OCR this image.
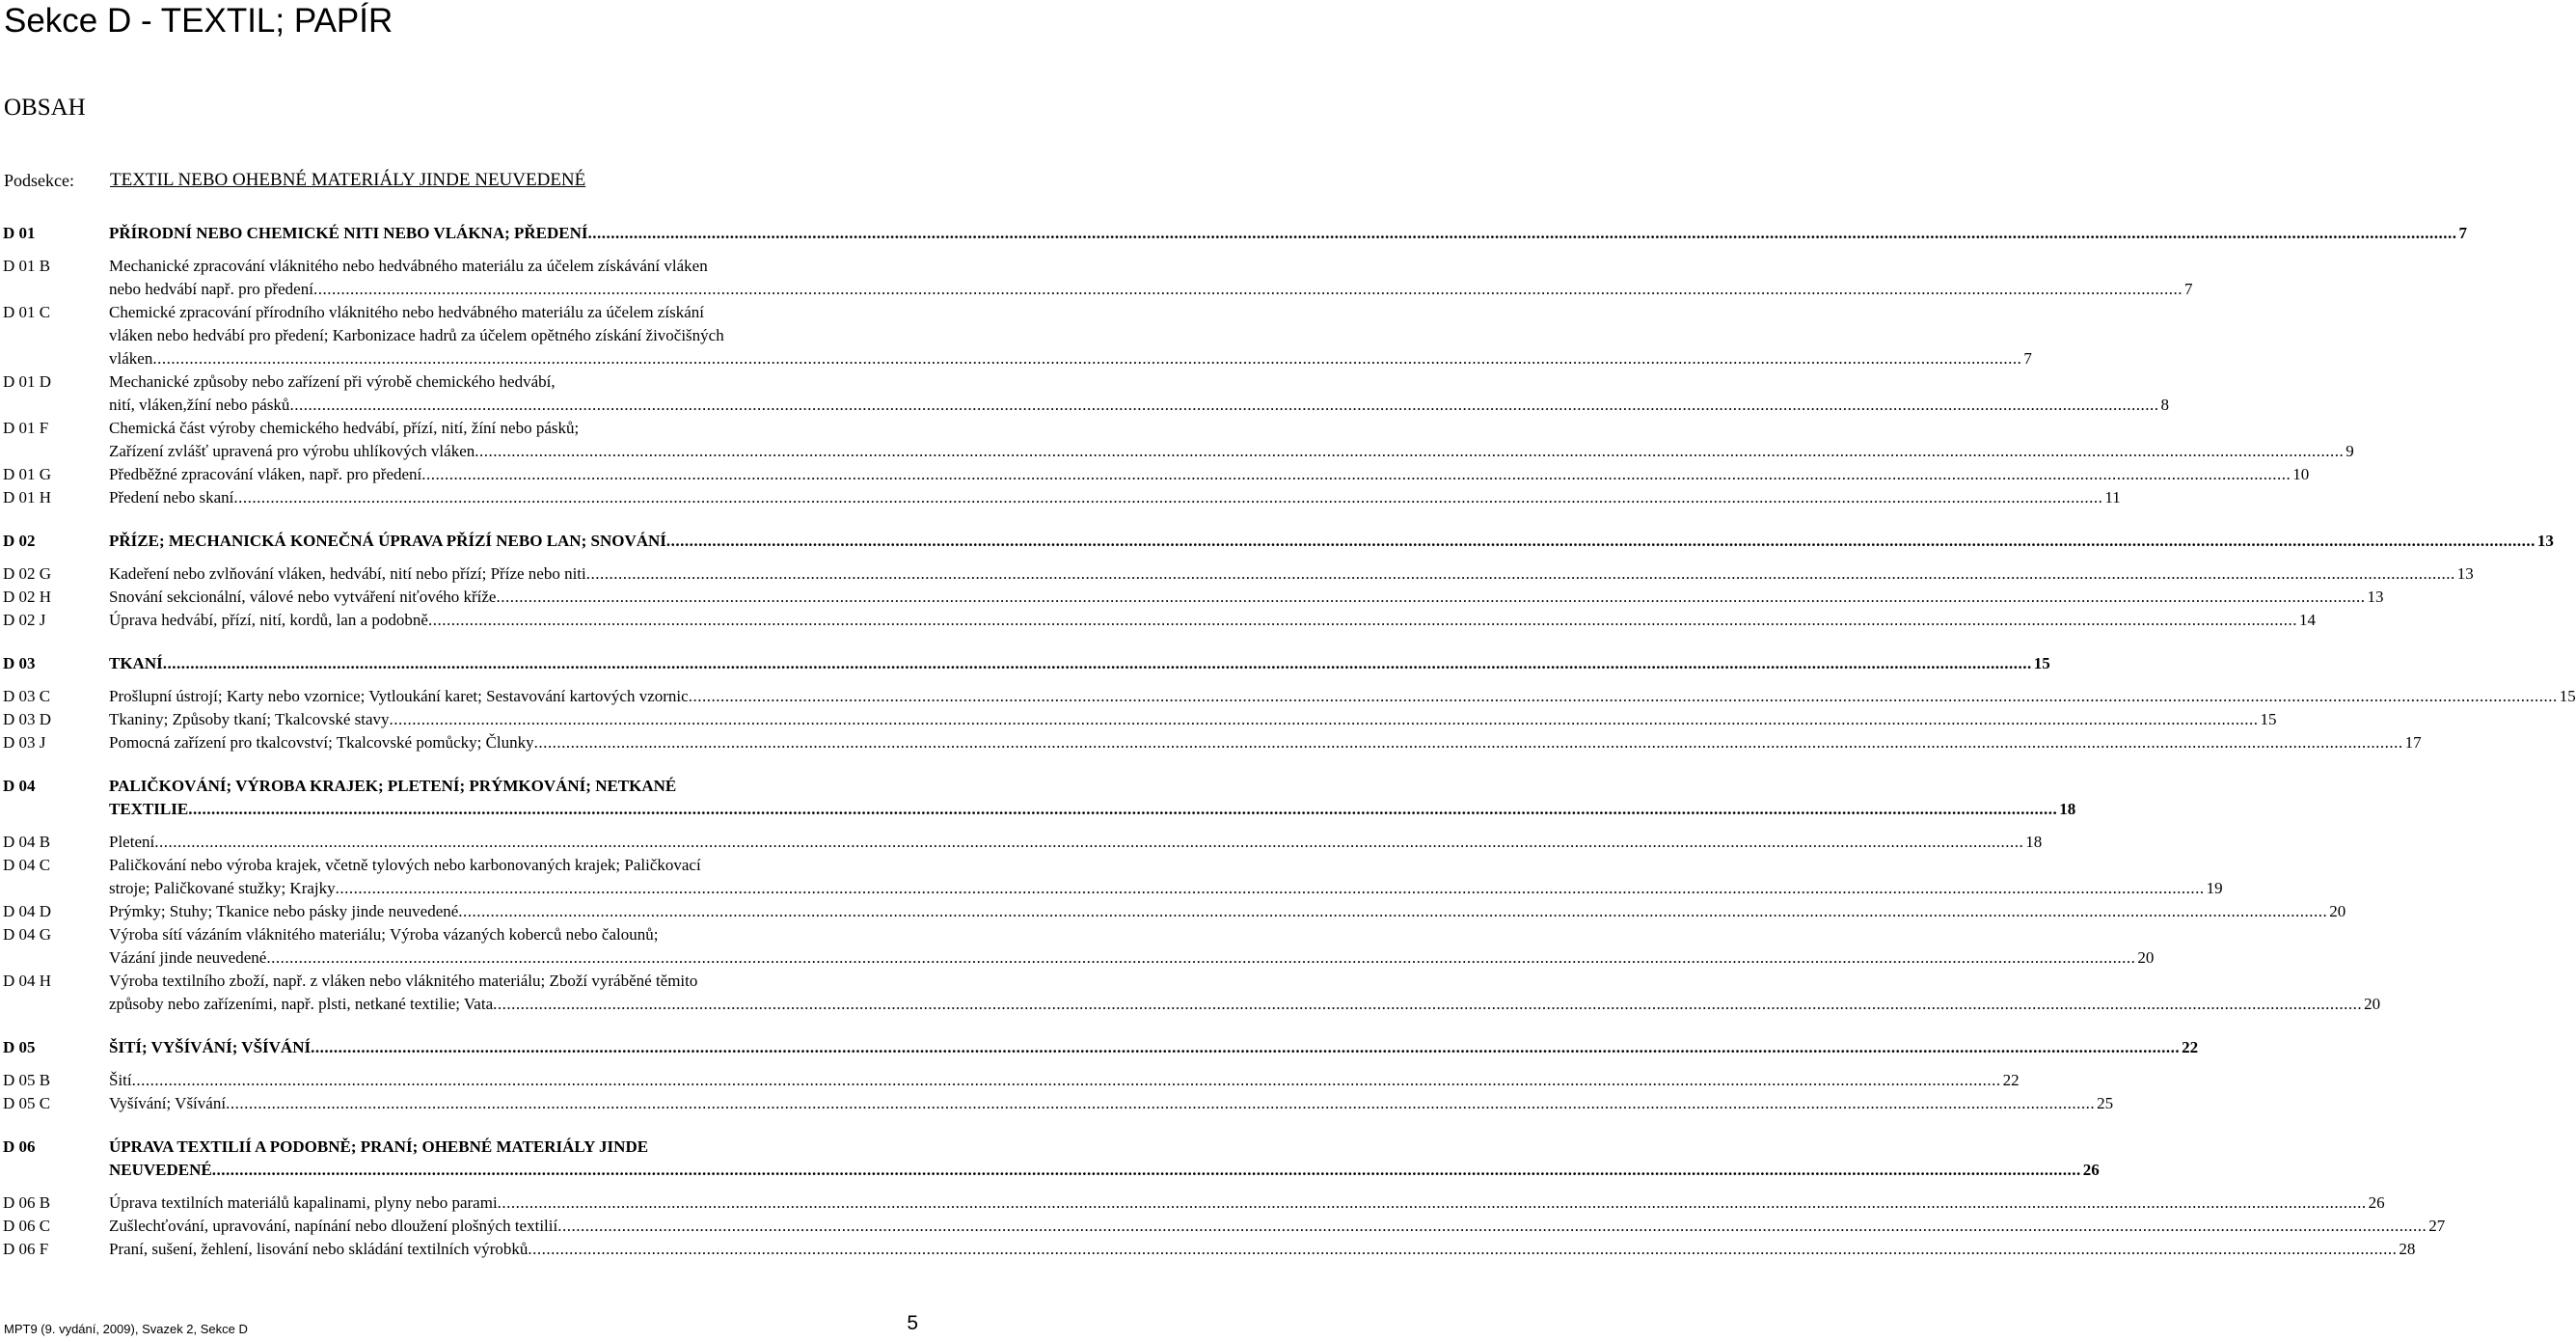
Sekce D - TEXTIL; PAPÍR
OBSAH
Podsekce: TEXTIL NEBO OHEBNÉ MATERIÁLY JINDE NEUVEDENÉ
D 01	PŘÍRODNÍ NEBO CHEMICKÉ NITI NEBO VLÁKNA; PŘEDENÍ .....	7
D 01 B	Mechanické zpracování vláknitého nebo hedvábného materiálu za účelem získávání vláken
nebo hedvábí např. pro předení .....	7
D 01 C	Chemické zpracování přírodního vláknitého nebo hedvábného materiálu za účelem získání
vláken nebo hedvábí pro předení; Karbonizace hadrů za účelem opětného získání živočišných
vláken .....	7
D 01 D	Mechanické způsoby nebo zařízení při výrobě chemického hedvábí,
nití, vláken,žíní nebo pásků .....	8
D 01 F	Chemická část výroby chemického hedvábí, přízí, nití, žíní nebo pásků;
Zařízení zvlášť upravená pro výrobu uhlíkových vláken .....	9
D 01 G	Předběžné zpracování vláken, např. pro předení .....	10
D 01 H	Předení nebo skaní .....	11
D 02	PŘÍZE; MECHANICKÁ KONEČNÁ ÚPRAVA PŘÍZÍ NEBO LAN; SNOVÁNÍ .....	13
D 02 G	Kadeření nebo zvlňování vláken, hedvábí, nití nebo přízí; Příze nebo niti .....	13
D 02 H	Snování sekcionální, válové nebo vytváření niťového kříže .....	13
D 02 J	Úprava hedvábí, přízí, nití, kordů, lan a podobně .....	14
D 03	TKANÍ .....	15
D 03 C	Prošlupní ústrojí; Karty nebo vzornice; Vytloukání karet; Sestavování kartových vzornic .....	15
D 03 D	Tkaniny; Způsoby tkaní; Tkalcovské stavy .....	15
D 03 J	Pomocná zařízení pro tkalcovství; Tkalcovské pomůcky; Člunky .....	17
D 04	PALIČKOVÁNÍ; VÝROBA KRAJEK; PLETENÍ; PRÝMKOVÁNÍ; NETKANÉ
TEXTILIE .....	18
D 04 B	Pletení .....	18
D 04 C	Paličkování nebo výroba krajek, včetně tylových nebo karbonovaných krajek; Paličkovací
stroje; Paličkované stužky; Krajky .....	19
D 04 D	Prýmky; Stuhy; Tkanice nebo pásky jinde neuvedené .....	20
D 04 G	Výroba sítí vázáním vláknitého materiálu; Výroba vázaných koberců nebo čalounů;
Vázání jinde neuvedené .....	20
D 04 H	Výroba textilního zboží, např. z vláken nebo vláknitého materiálu; Zboží vyráběné těmito
způsoby nebo zařízeními, např. plsti, netkané textilie; Vata .....	20
D 05	ŠITÍ; VYŠÍVÁNÍ; VŠÍVÁNÍ .....	22
D 05 B	Šití .....	22
D 05 C	Vyšívání; Všívání .....	25
D 06	ÚPRAVA TEXTILIÍ A PODOBNĚ; PRANÍ; OHEBNÉ MATERIÁLY JINDE
NEUVEDENÉ .....	26
D 06 B	Úprava textilních materiálů kapalinami, plyny nebo parami .....	26
D 06 C	Zušlechťování, upravování, napínání nebo dloužení plošných textilií .....	27
D 06 F	Praní, sušení, žehlení, lisování nebo skládání textilních výrobků .....	28
MPT9 (9. vydání, 2009), Svazek 2, Sekce D	5
